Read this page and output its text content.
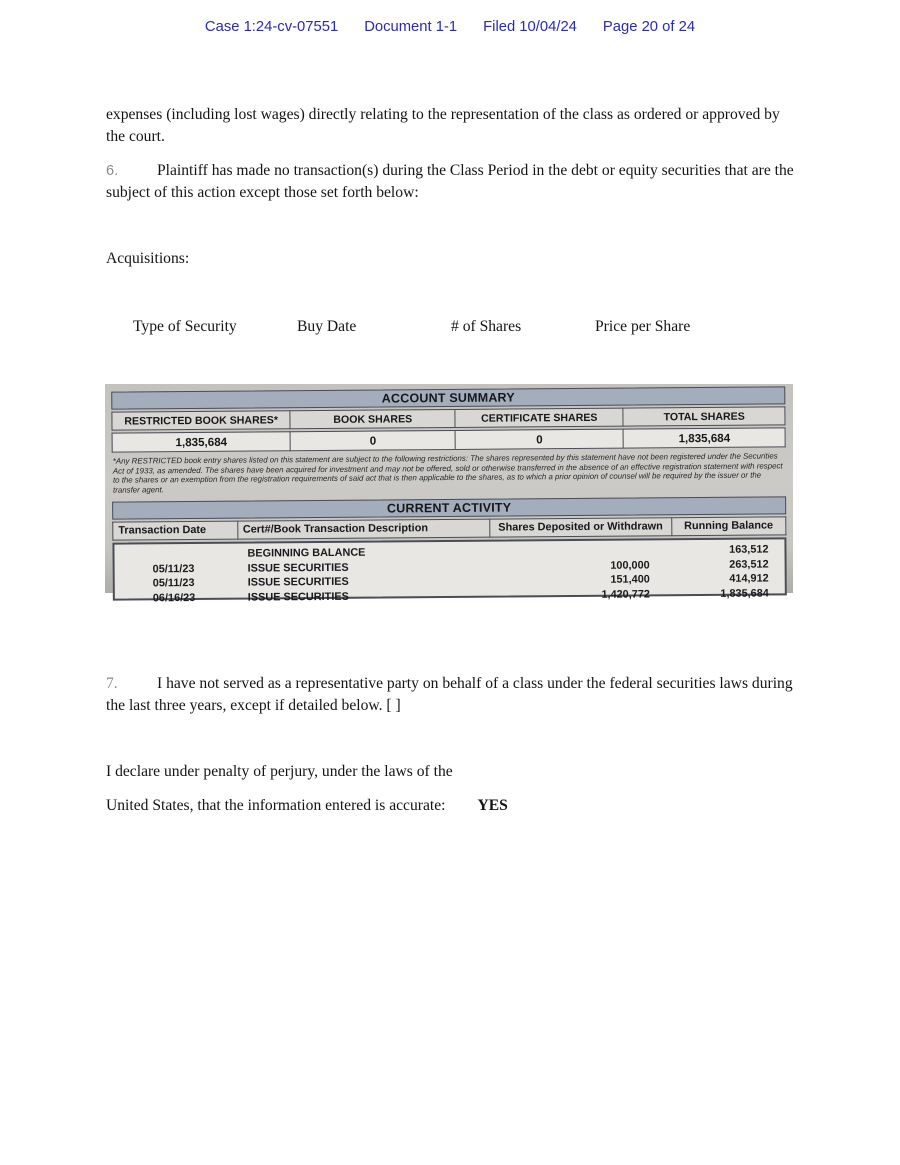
Case 1:24-cv-07551 Document 1-1 Filed 10/04/24 Page 20 of 24

expenses (including lost wages) directly relating to the representation of the class as ordered or approved by the court.

6. Plaintiff has made no transaction(s) during the Class Period in the debt or equity securities that are the subject of this action except those set forth below:

Acquisitions:

Type of Security	Buy Date	# of Shares	Price per Share
ACCOUNT SUMMARY
RESTRICTED BOOK SHARES*	BOOK SHARES	CERTIFICATE SHARES	TOTAL SHARES
1,835,684	0	0	1,835,684
*Any RESTRICTED book entry shares listed on this statement are subject to the following restrictions: The shares represented by this statement have not been registered under the Securities Act of 1933, as amended. The shares have been acquired for investment and may not be offered, sold or otherwise transferred in the absence of an effective registration statement with respect to the shares or an exemption from the registration requirements of said act that is then applicable to the shares, as to which a prior opinion of counsel will be required by the issuer or the transfer agent.
CURRENT ACTIVITY
Transaction Date	Cert#/Book Transaction Description	Shares Deposited or Withdrawn	Running Balance
	BEGINNING BALANCE		163,512
05/11/23	ISSUE SECURITIES	100,000	263,512
05/11/23	ISSUE SECURITIES	151,400	414,912
06/16/23	ISSUE SECURITIES	1,420,772	1,835,684

7.	I have not served as a representative party on behalf of a class under the federal securities laws during the last three years, except if detailed below. [ ]

I declare under penalty of perjury, under the laws of the

United States, that the information entered is accurate: YES
